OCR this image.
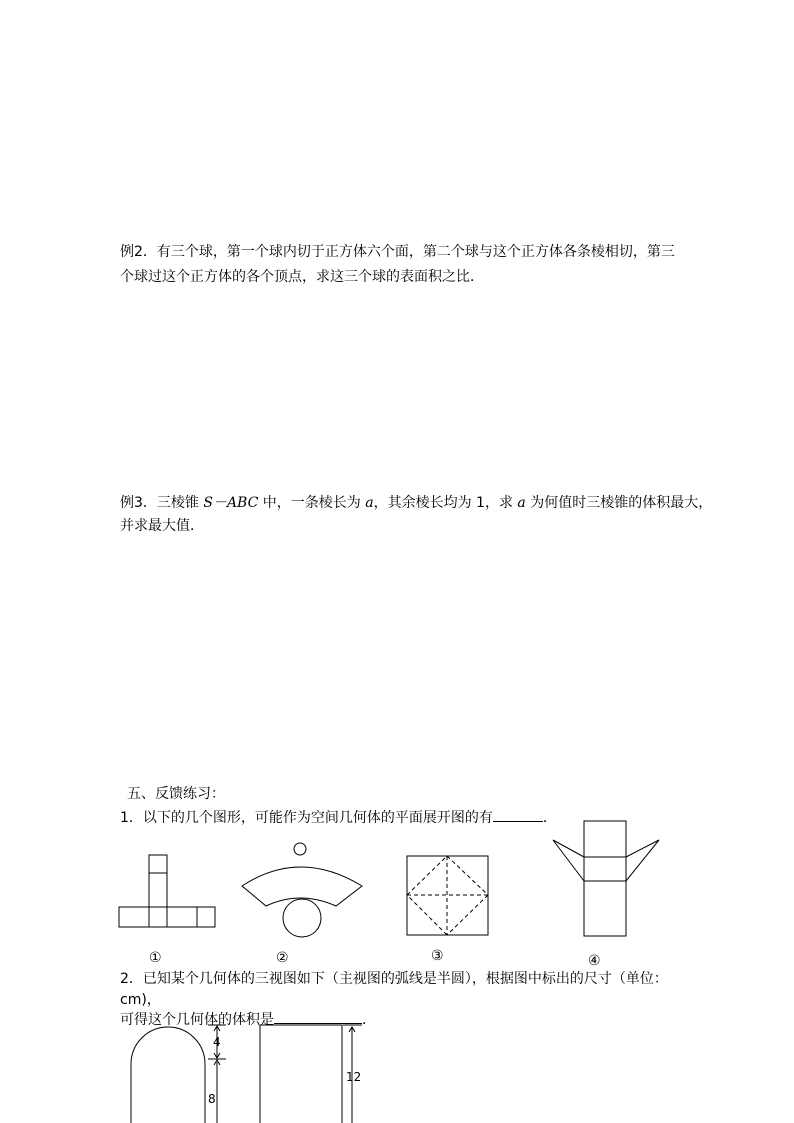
例2．有三个球，第一个球内切于正方体六个面，第二个球与这个正方体各条棱相切，第三
个球过这个正方体的各个顶点，求这三个球的表面积之比．
例3．三棱锥 S－ABC 中，一条棱长为 a，其余棱长均为 1，求 a 为何值时三棱锥的体积最大，
并求最大值．
五、反馈练习：
1．以下的几个图形，可能作为空间几何体的平面展开图的有	．
①	②	③	④
2．已知某个几何体的三视图如下（主视图的弧线是半圆），根据图中标出的尺寸（单位：
cm)，
可得这个几何体的体积是	．
4
8
12
